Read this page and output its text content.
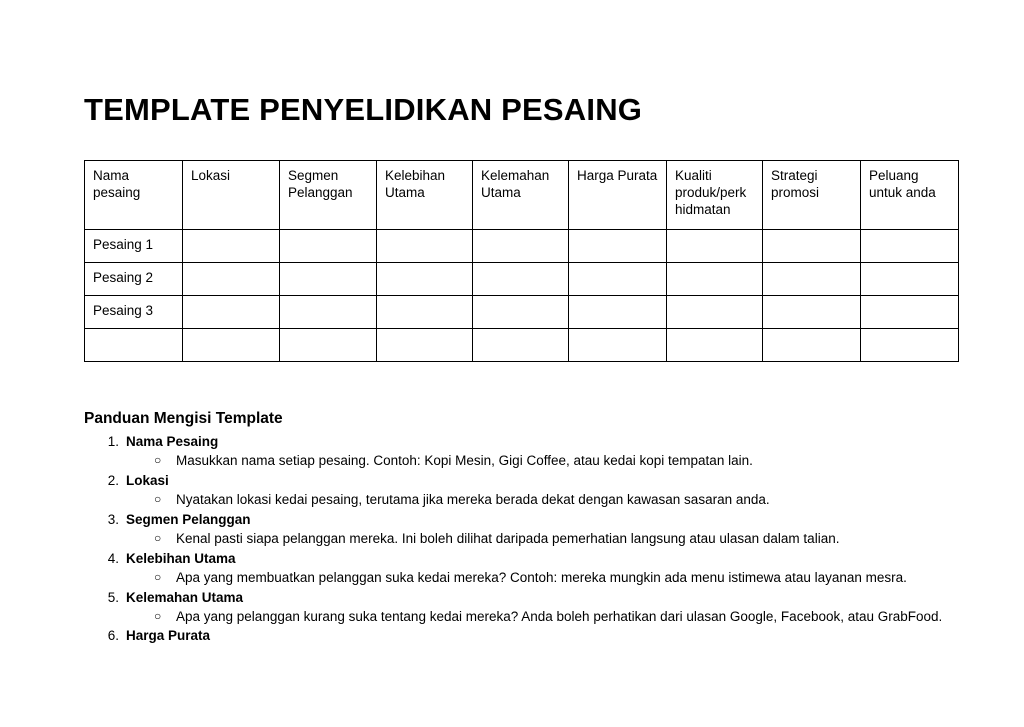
TEMPLATE PENYELIDIKAN PESAING
Nama pesaing	Lokasi	Segmen Pelanggan	Kelebihan Utama	Kelemahan Utama	Harga Purata	Kualiti produk/perk hidmatan	Strategi promosi	Peluang untuk anda

Pesaing 1								
Pesaing 2								
Pesaing 3								

Panduan Mengisi Template
1. Nama Pesaing
○ Masukkan nama setiap pesaing. Contoh: Kopi Mesin, Gigi Coffee, atau kedai kopi tempatan lain.
2. Lokasi
○ Nyatakan lokasi kedai pesaing, terutama jika mereka berada dekat dengan kawasan sasaran anda.
3. Segmen Pelanggan
○ Kenal pasti siapa pelanggan mereka. Ini boleh dilihat daripada pemerhatian langsung atau ulasan dalam talian.
4. Kelebihan Utama
○ Apa yang membuatkan pelanggan suka kedai mereka? Contoh: mereka mungkin ada menu istimewa atau layanan mesra.
5. Kelemahan Utama
○ Apa yang pelanggan kurang suka tentang kedai mereka? Anda boleh perhatikan dari ulasan Google, Facebook, atau GrabFood.
6. Harga Purata
